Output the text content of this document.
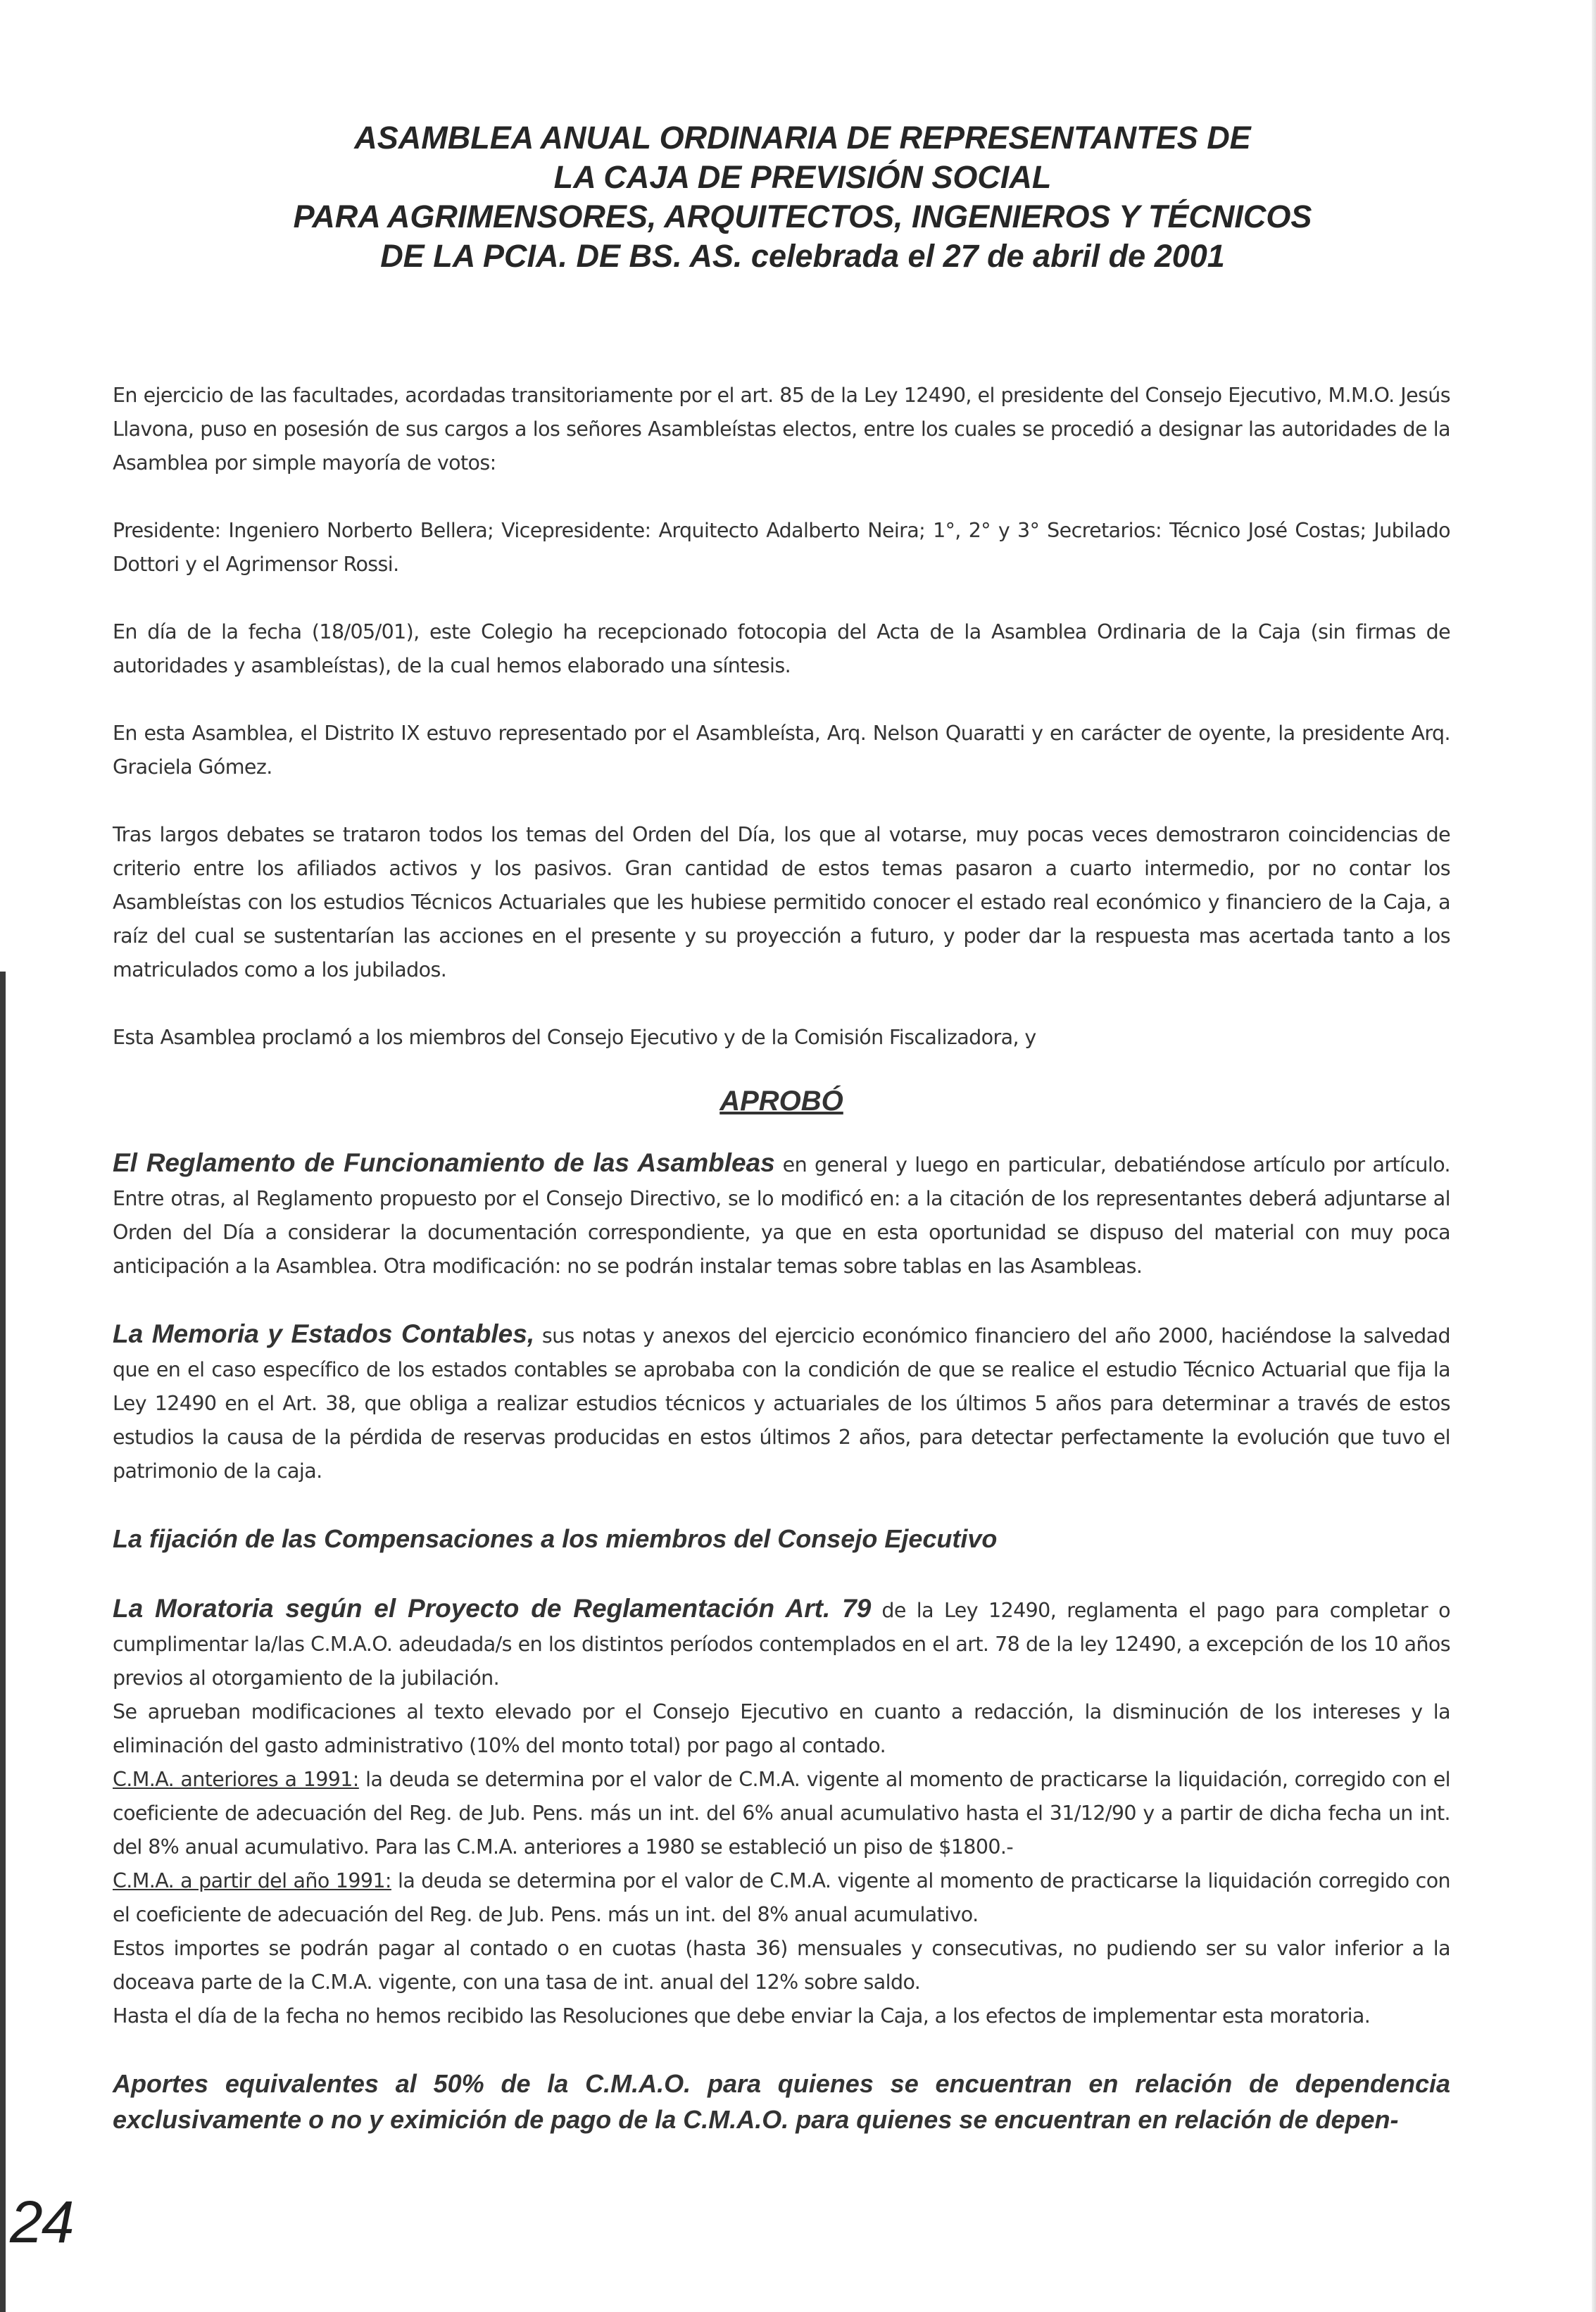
ASAMBLEA ANUAL ORDINARIA DE REPRESENTANTES DE
LA CAJA DE PREVISIÓN SOCIAL
PARA AGRIMENSORES, ARQUITECTOS, INGENIEROS Y TÉCNICOS
DE LA PCIA. DE BS. AS. celebrada el 27 de abril de 2001

En ejercicio de las facultades, acordadas transitoriamente por el art. 85 de la Ley 12490, el presidente del Consejo Ejecutivo, M.M.O. Jesús Llavona, puso en posesión de sus cargos a los señores Asambleístas electos, entre los cuales se procedió a designar las autoridades de la Asamblea por simple mayoría de votos:

Presidente: Ingeniero Norberto Bellera; Vicepresidente: Arquitecto Adalberto Neira; 1°, 2° y 3° Secretarios: Técnico José Costas; Jubilado Dottori y el Agrimensor Rossi.

En día de la fecha (18/05/01), este Colegio ha recepcionado fotocopia del Acta de la Asamblea Ordinaria de la Caja (sin firmas de autoridades y asambleístas), de la cual hemos elaborado una síntesis.

En esta Asamblea, el Distrito IX estuvo representado por el Asambleísta, Arq. Nelson Quaratti y en carácter de oyente, la presidente Arq. Graciela Gómez.

Tras largos debates se trataron todos los temas del Orden del Día, los que al votarse, muy pocas veces demostraron coincidencias de criterio entre los afiliados activos y los pasivos. Gran cantidad de estos temas pasaron a cuarto intermedio, por no contar los Asambleístas con los estudios Técnicos Actuariales que les hubiese permitido conocer el estado real económico y financiero de la Caja, a raíz del cual se sustentarían las acciones en el presente y su proyección a futuro, y poder dar la respuesta mas acertada tanto a los matriculados como a los jubilados.

Esta Asamblea proclamó a los miembros del Consejo Ejecutivo y de la Comisión Fiscalizadora, y

APROBÓ

El Reglamento de Funcionamiento de las Asambleas en general y luego en particular, debatiéndose artículo por artículo. Entre otras, al Reglamento propuesto por el Consejo Directivo, se lo modificó en: a la citación de los representantes deberá adjuntarse al Orden del Día a considerar la documentación correspondiente, ya que en esta oportunidad se dispuso del material con muy poca anticipación a la Asamblea. Otra modificación: no se podrán instalar temas sobre tablas en las Asambleas.

La Memoria y Estados Contables, sus notas y anexos del ejercicio económico financiero del año 2000, haciéndose la salvedad que en el caso específico de los estados contables se aprobaba con la condición de que se realice el estudio Técnico Actuarial que fija la Ley 12490 en el Art. 38, que obliga a realizar estudios técnicos y actuariales de los últimos 5 años para determinar a través de estos estudios la causa de la pérdida de reservas producidas en estos últimos 2 años, para detectar perfectamente la evolución que tuvo el patrimonio de la caja.

La fijación de las Compensaciones a los miembros del Consejo Ejecutivo

La Moratoria según el Proyecto de Reglamentación Art. 79 de la Ley 12490, reglamenta el pago para completar o cumplimentar la/las C.M.A.O. adeudada/s en los distintos períodos contemplados en el art. 78 de la ley 12490, a excepción de los 10 años previos al otorgamiento de la jubilación.
Se aprueban modificaciones al texto elevado por el Consejo Ejecutivo en cuanto a redacción, la disminución de los intereses y la eliminación del gasto administrativo (10% del monto total) por pago al contado.
C.M.A. anteriores a 1991: la deuda se determina por el valor de C.M.A. vigente al momento de practicarse la liquidación, corregido con el coeficiente de adecuación del Reg. de Jub. Pens. más un int. del 6% anual acumulativo hasta el 31/12/90 y a partir de dicha fecha un int. del 8% anual acumulativo. Para las C.M.A. anteriores a 1980 se estableció un piso de $1800.-
C.M.A. a partir del año 1991: la deuda se determina por el valor de C.M.A. vigente al momento de practicarse la liquidación corregido con el coeficiente de adecuación del Reg. de Jub. Pens. más un int. del 8% anual acumulativo.
Estos importes se podrán pagar al contado o en cuotas (hasta 36) mensuales y consecutivas, no pudiendo ser su valor inferior a la doceava parte de la C.M.A. vigente, con una tasa de int. anual del 12% sobre saldo.
Hasta el día de la fecha no hemos recibido las Resoluciones que debe enviar la Caja, a los efectos de implementar esta moratoria.

Aportes equivalentes al 50% de la C.M.A.O. para quienes se encuentran en relación de dependencia exclusivamente o no y eximición de pago de la C.M.A.O. para quienes se encuentran en relación de depen-

24
